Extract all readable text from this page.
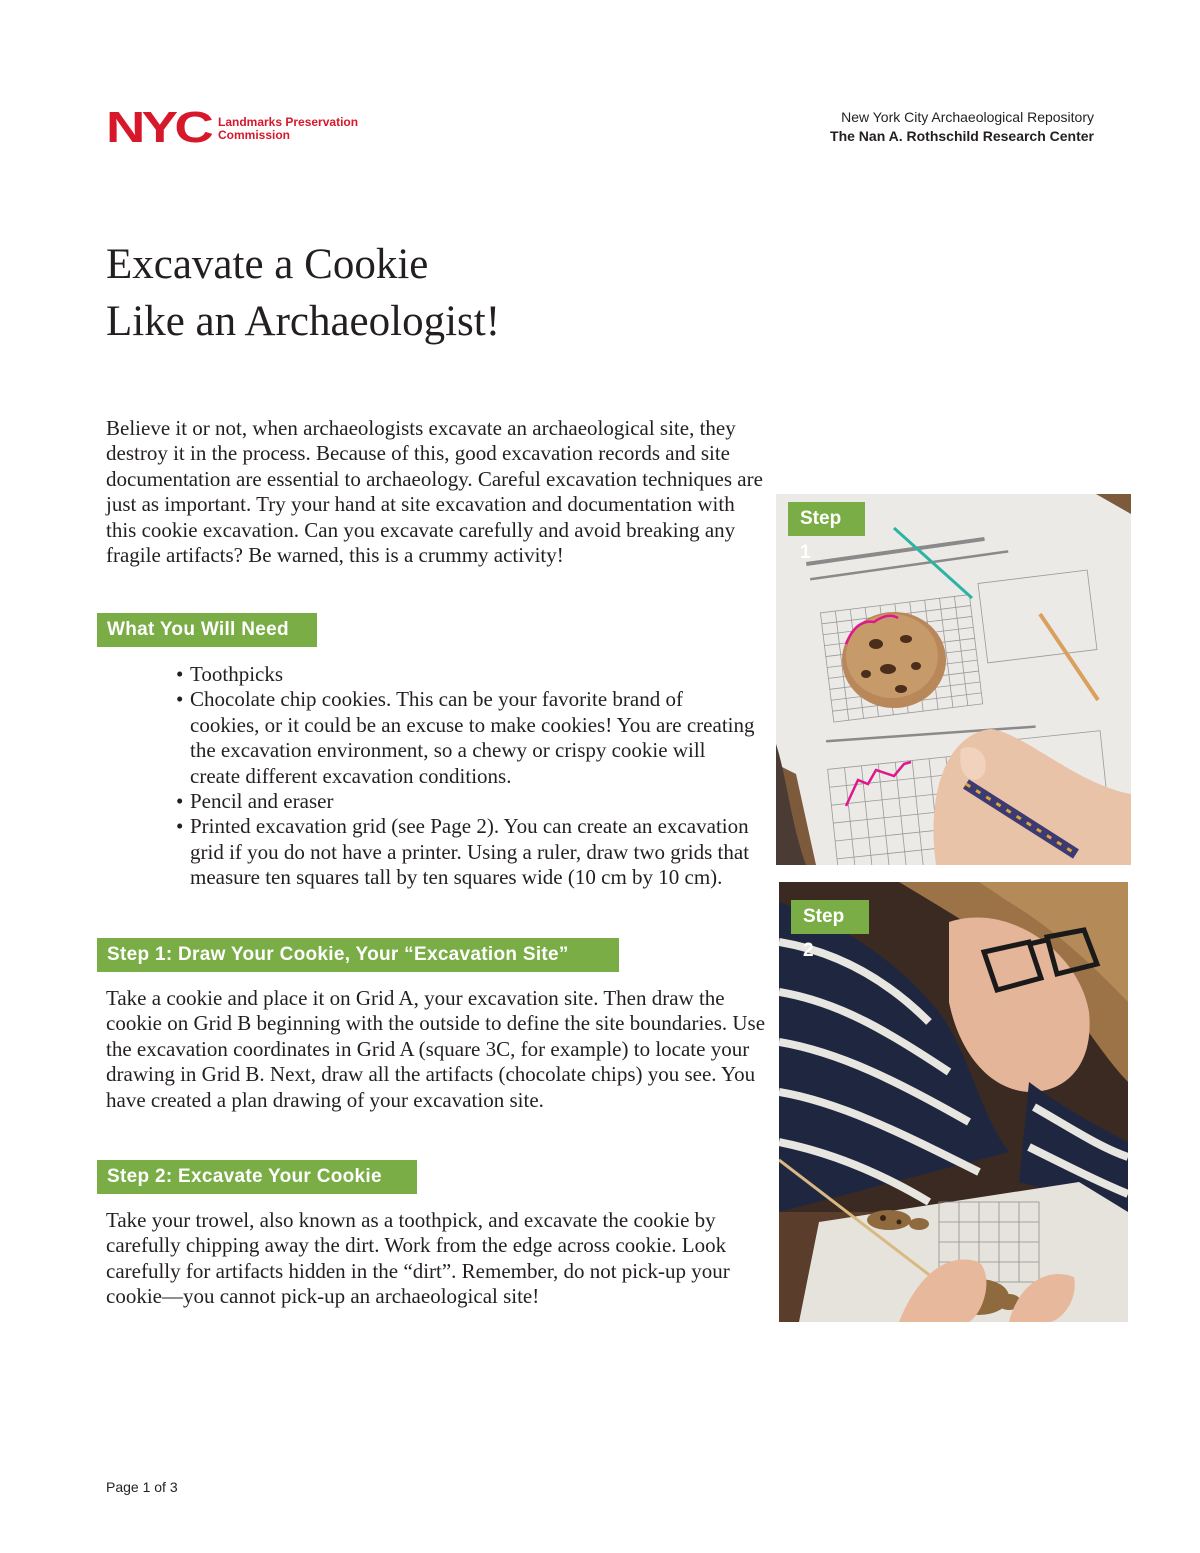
NYC Landmarks Preservation
Commission
New York City Archaeological Repository
The Nan A. Rothschild Research Center
Excavate a Cookie
Like an Archaeologist!

Believe it or not, when archaeologists excavate an archaeological site, they destroy it in the process. Because of this, good excavation records and site documentation are essential to archaeology. Careful excavation techniques are just as important. Try your hand at site excavation and documentation with this cookie excavation. Can you excavate carefully and avoid breaking any fragile artifacts? Be warned, this is a crummy activity!

What You Will Need
• Toothpicks
• Chocolate chip cookies. This can be your favorite brand of cookies, or it could be an excuse to make cookies! You are creating the excavation environment, so a chewy or crispy cookie will create different excavation conditions.
• Pencil and eraser
• Printed excavation grid (see Page 2). You can create an excavation grid if you do not have a printer. Using a ruler, draw two grids that measure ten squares tall by ten squares wide (10 cm by 10 cm).
Step 1: Draw Your Cookie, Your “Excavation Site”

Take a cookie and place it on Grid A, your excavation site. Then draw the cookie on Grid B beginning with the outside to define the site boundaries. Use the excavation coordinates in Grid A (square 3C, for example) to locate your drawing in Grid B. Next, draw all the artifacts (chocolate chips) you see. You have created a plan drawing of your excavation site.

Step 2: Excavate Your Cookie

Take your trowel, also known as a toothpick, and excavate the cookie by carefully chipping away the dirt. Work from the edge across cookie. Look carefully for artifacts hidden in the “dirt”. Remember, do not pick-up your cookie—you cannot pick-up an archaeological site!

Step 1
Step 2
Page 1 of 3
